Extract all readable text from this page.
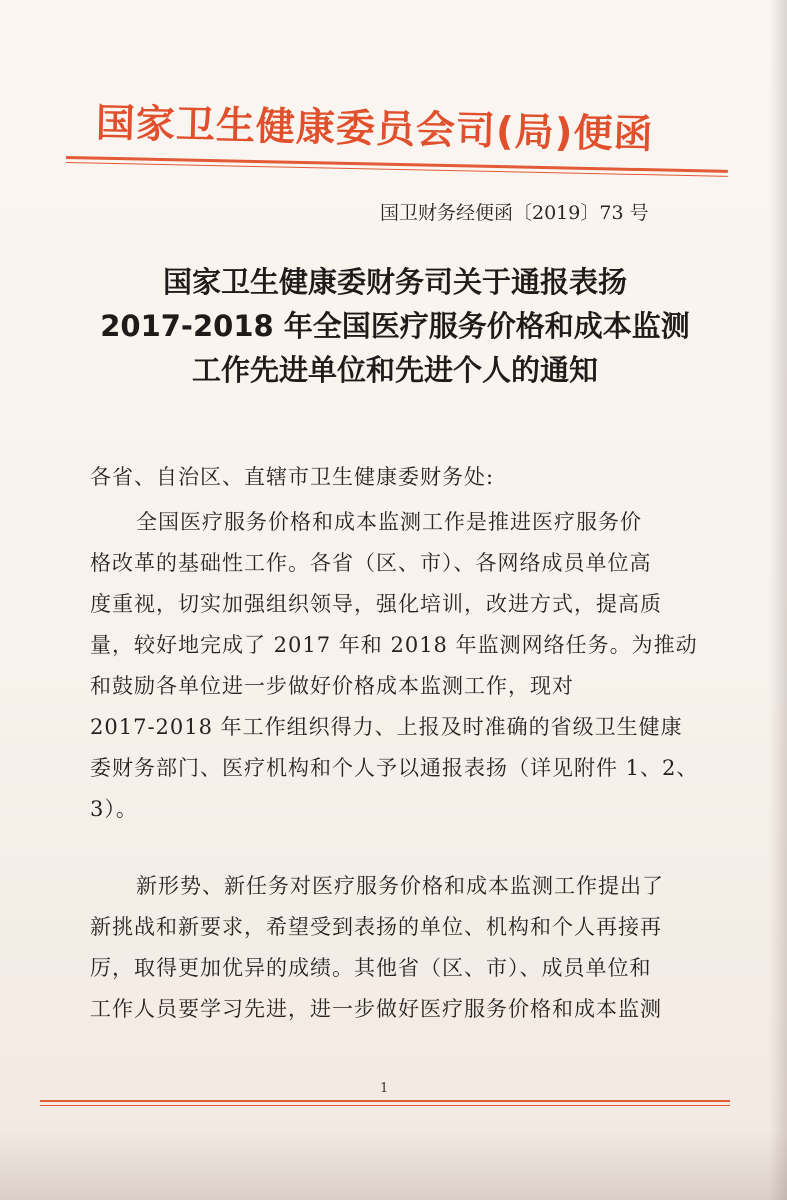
国家卫生健康委员会司(局)便函
国卫财务经便函〔2019〕73 号
国家卫生健康委财务司关于通报表扬
2017-2018 年全国医疗服务价格和成本监测
工作先进单位和先进个人的通知
各省、自治区、直辖市卫生健康委财务处:
全国医疗服务价格和成本监测工作是推进医疗服务价
格改革的基础性工作。各省（区、市）、各网络成员单位高
度重视，切实加强组织领导，强化培训，改进方式，提高质
量，较好地完成了 2017 年和 2018 年监测网络任务。为推动
和鼓励各单位进一步做好价格成本监测工作，现对
2017-2018 年工作组织得力、上报及时准确的省级卫生健康
委财务部门、医疗机构和个人予以通报表扬（详见附件 1、2、
3）。
新形势、新任务对医疗服务价格和成本监测工作提出了
新挑战和新要求，希望受到表扬的单位、机构和个人再接再
厉，取得更加优异的成绩。其他省（区、市）、成员单位和
工作人员要学习先进，进一步做好医疗服务价格和成本监测
1
